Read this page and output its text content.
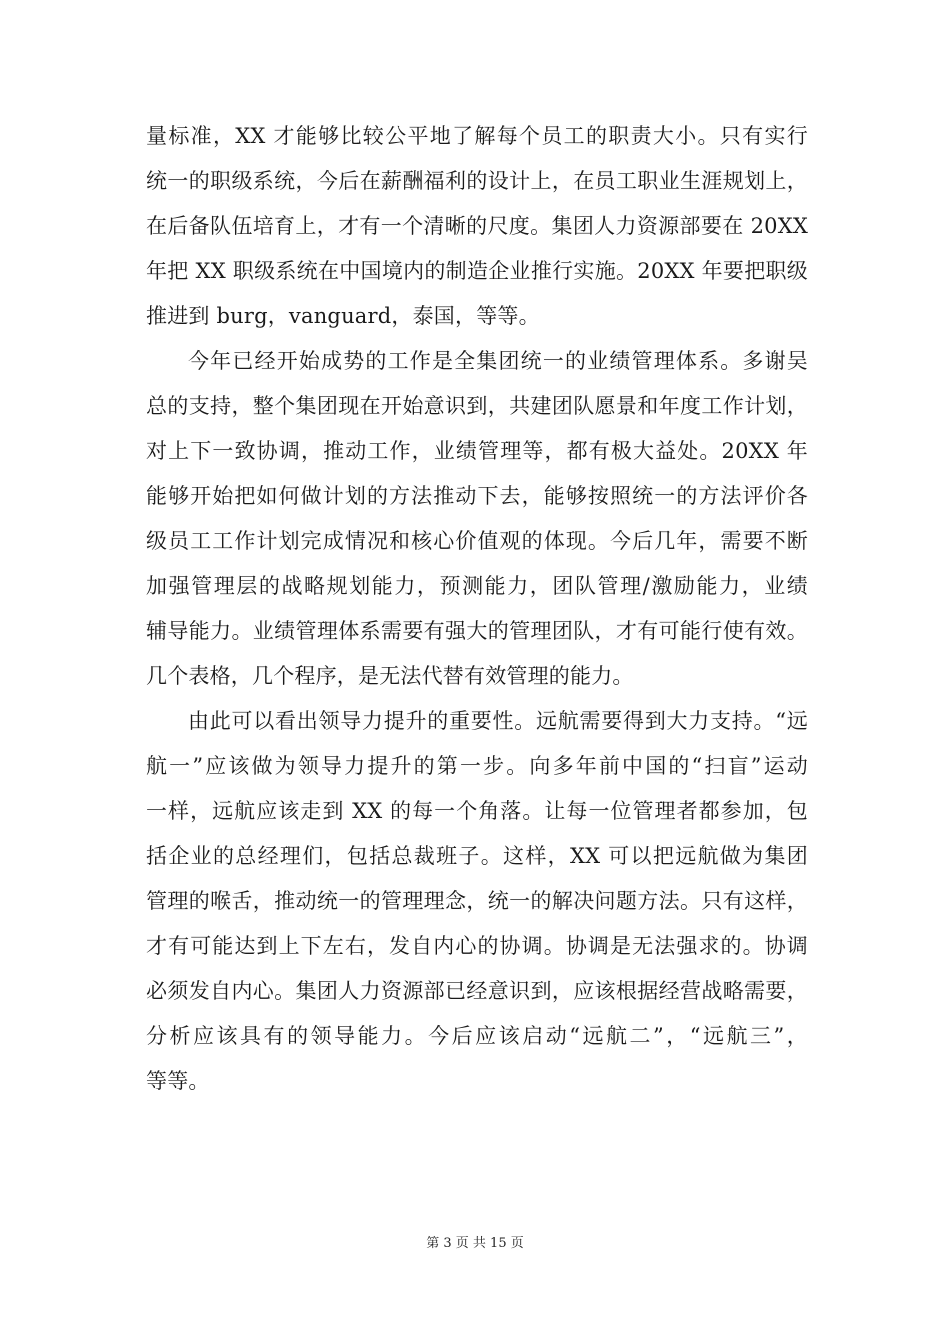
量标准，XX 才能够比较公平地了解每个员工的职责大小。只有实行
统一的职级系统，今后在薪酬福利的设计上，在员工职业生涯规划上，
在后备队伍培育上，才有一个清晰的尺度。集团人力资源部要在 20XX
年把 XX 职级系统在中国境内的制造企业推行实施。20XX 年要把职级
推进到 burg，vanguard，泰国，等等。
今年已经开始成势的工作是全集团统一的业绩管理体系。多谢吴
总的支持，整个集团现在开始意识到，共建团队愿景和年度工作计划，
对上下一致协调，推动工作，业绩管理等，都有极大益处。20XX 年
能够开始把如何做计划的方法推动下去，能够按照统一的方法评价各
级员工工作计划完成情况和核心价值观的体现。今后几年，需要不断
加强管理层的战略规划能力，预测能力，团队管理/激励能力，业绩
辅导能力。业绩管理体系需要有强大的管理团队，才有可能行使有效。
几个表格，几个程序，是无法代替有效管理的能力。
由此可以看出领导力提升的重要性。远航需要得到大力支持。“远
航一”应该做为领导力提升的第一步。向多年前中国的“扫盲”运动
一样，远航应该走到 XX 的每一个角落。让每一位管理者都参加，包
括企业的总经理们，包括总裁班子。这样，XX 可以把远航做为集团
管理的喉舌，推动统一的管理理念，统一的解决问题方法。只有这样，
才有可能达到上下左右，发自内心的协调。协调是无法强求的。协调
必须发自内心。集团人力资源部已经意识到，应该根据经营战略需要，
分析应该具有的领导能力。今后应该启动“远航二”，“远航三”，
等等。
第 3 页 共 15 页
